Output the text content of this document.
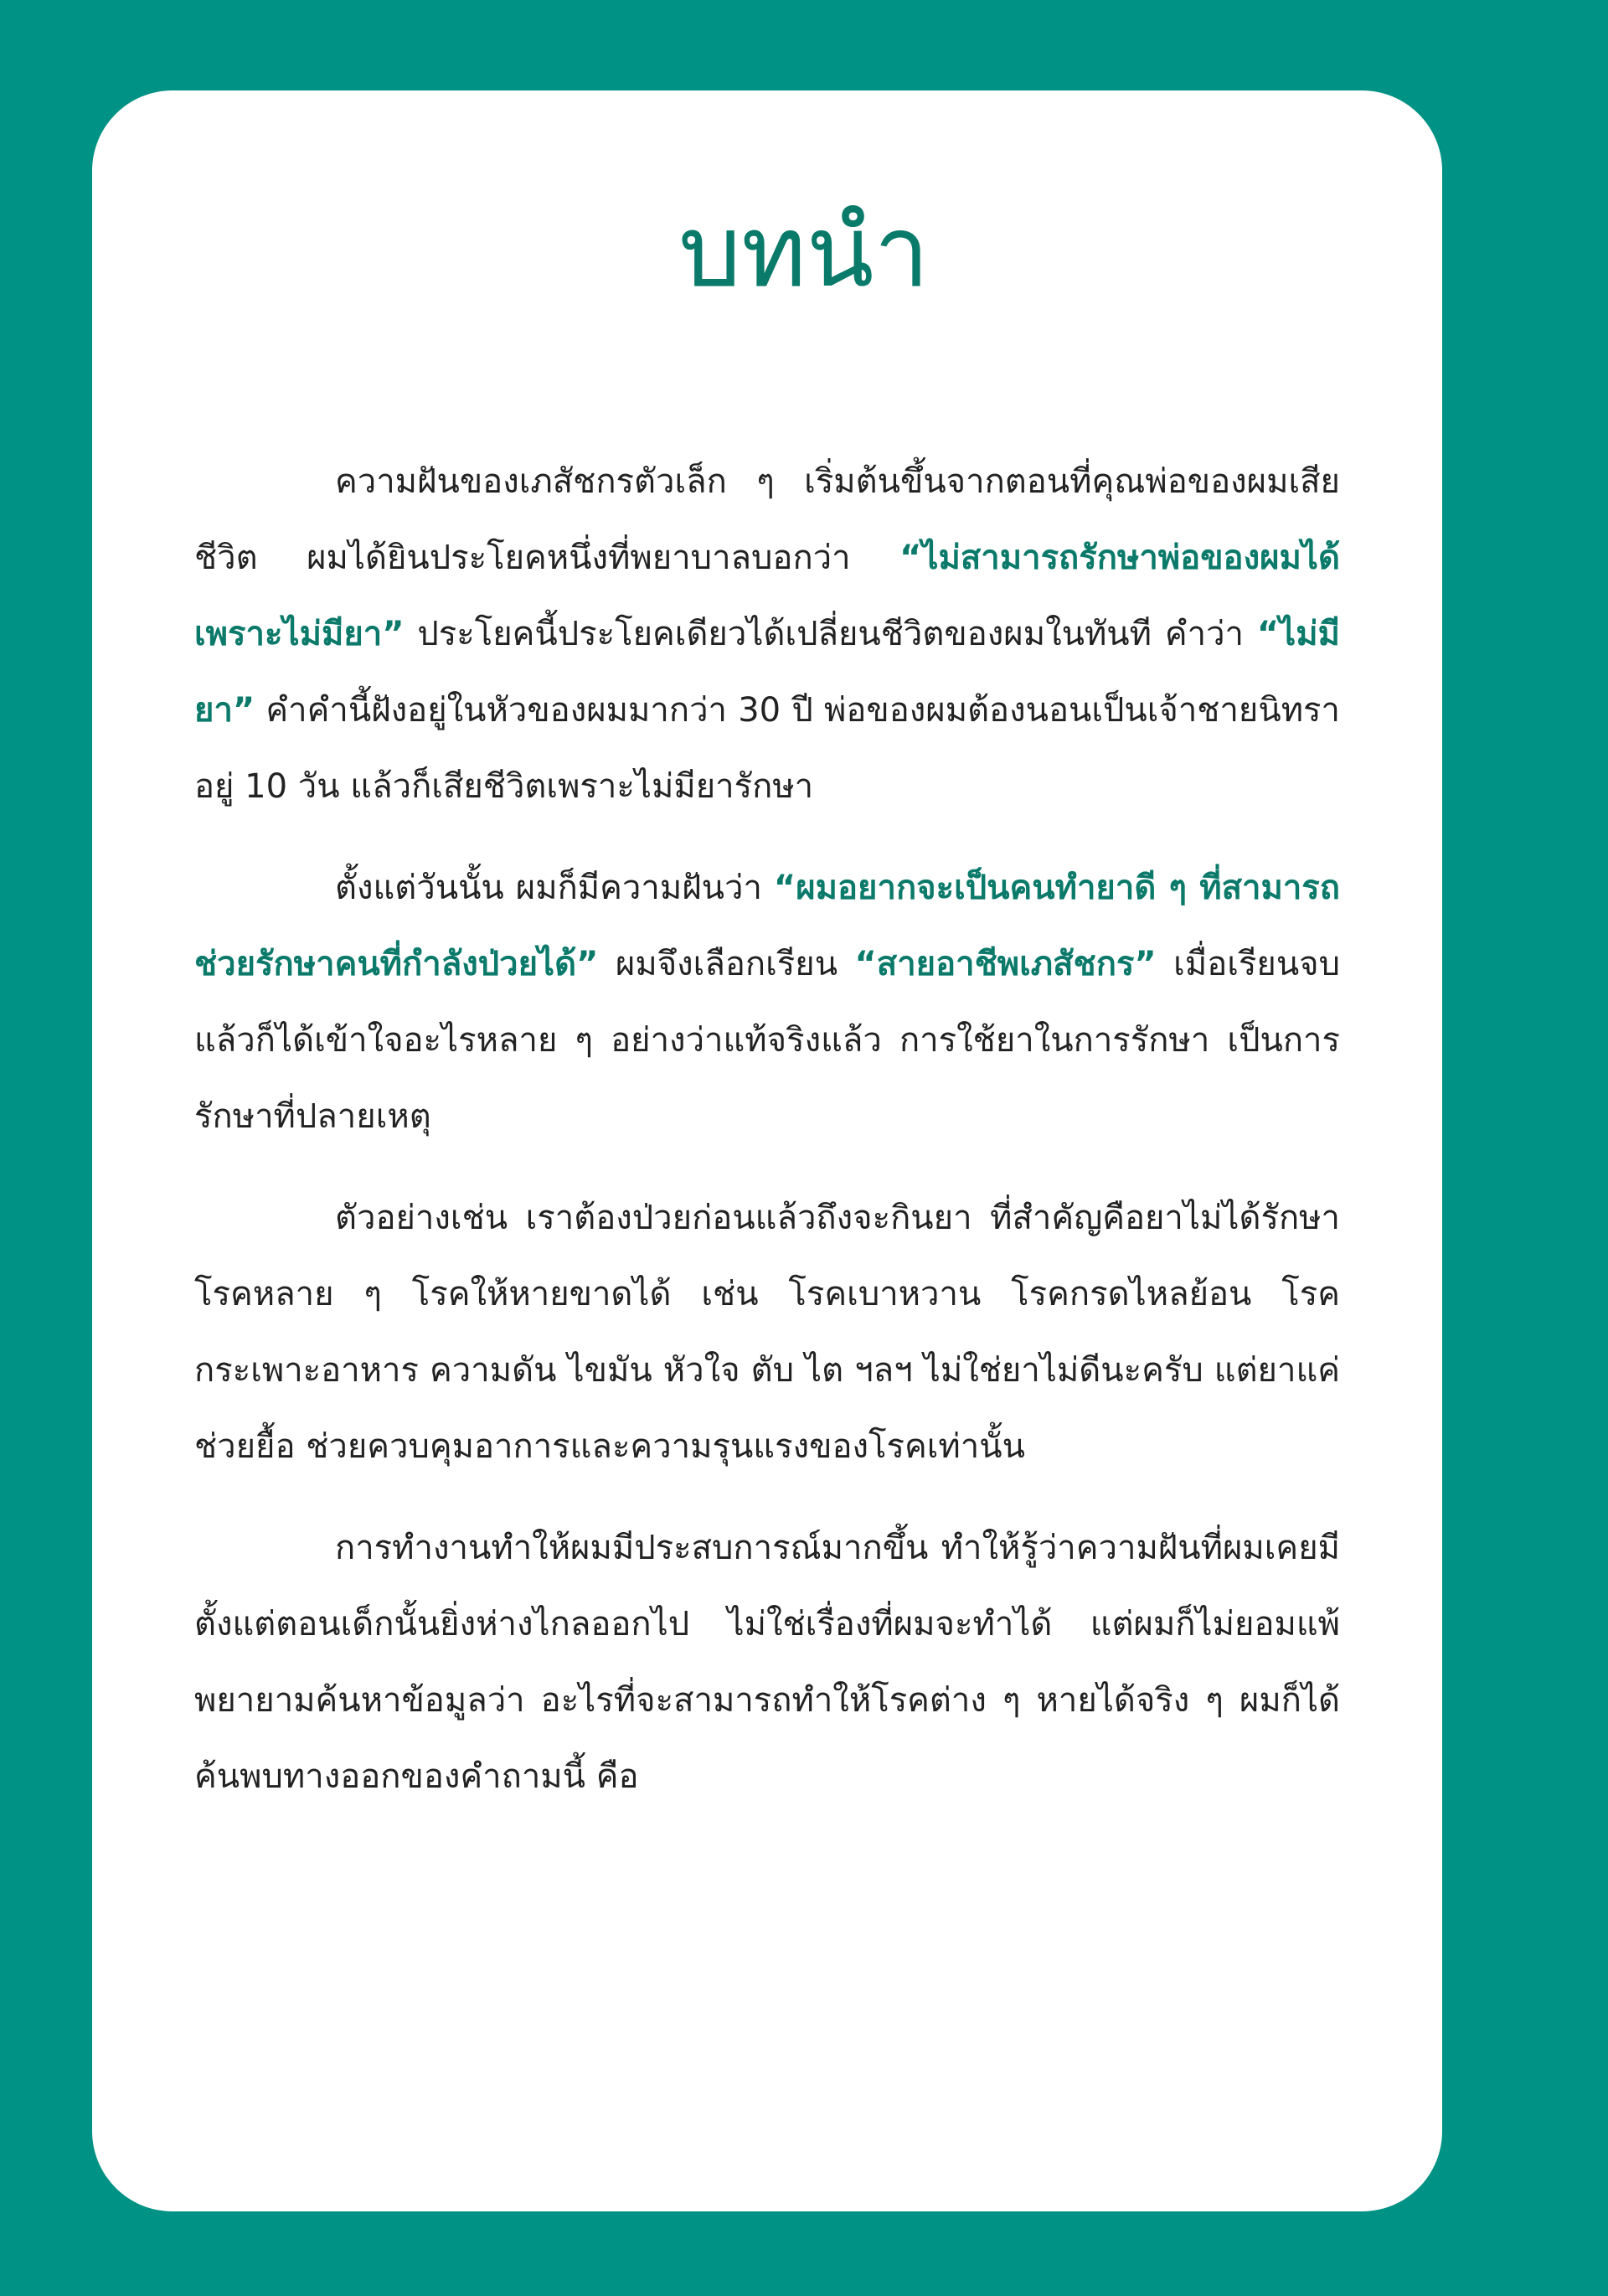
บทนำ

ความฝันของเภสัชกรตัวเล็ก ๆ เริ่มต้นขึ้นจากตอนที่คุณพ่อของผมเสียชีวิต ผมได้ยินประโยคหนึ่งที่พยาบาลบอกว่า “ไม่สามารถรักษาพ่อของผมได้ เพราะไม่มียา” ประโยคนี้ประโยคเดียวได้เปลี่ยนชีวิตของผมในทันที คำว่า “ไม่มียา” คำคำนี้ฝังอยู่ในหัวของผมมากว่า 30 ปี พ่อของผมต้องนอนเป็นเจ้าชายนิทราอยู่ 10 วัน แล้วก็เสียชีวิตเพราะไม่มียารักษา

ตั้งแต่วันนั้น ผมก็มีความฝันว่า “ผมอยากจะเป็นคนทำยาดี ๆ ที่สามารถช่วยรักษาคนที่กำลังป่วยได้” ผมจึงเลือกเรียน “สายอาชีพเภสัชกร” เมื่อเรียนจบแล้วก็ได้เข้าใจอะไรหลาย ๆ อย่างว่าแท้จริงแล้ว การใช้ยาในการรักษา เป็นการรักษาที่ปลายเหตุ

ตัวอย่างเช่น เราต้องป่วยก่อนแล้วถึงจะกินยา ที่สำคัญคือยาไม่ได้รักษาโรคหลาย ๆ โรคให้หายขาดได้ เช่น โรคเบาหวาน โรคกรดไหลย้อน โรคกระเพาะอาหาร ความดัน ไขมัน หัวใจ ตับ ไต ฯลฯ ไม่ใช่ยาไม่ดีนะครับ แต่ยาแค่ช่วยยื้อ ช่วยควบคุมอาการและความรุนแรงของโรคเท่านั้น

การทำงานทำให้ผมมีประสบการณ์มากขึ้น ทำให้รู้ว่าความฝันที่ผมเคยมีตั้งแต่ตอนเด็กนั้นยิ่งห่างไกลออกไป ไม่ใช่เรื่องที่ผมจะทำได้ แต่ผมก็ไม่ยอมแพ้ พยายามค้นหาข้อมูลว่า อะไรที่จะสามารถทำให้โรคต่าง ๆ หายได้จริง ๆ ผมก็ได้ค้นพบทางออกของคำถามนี้ คือ
